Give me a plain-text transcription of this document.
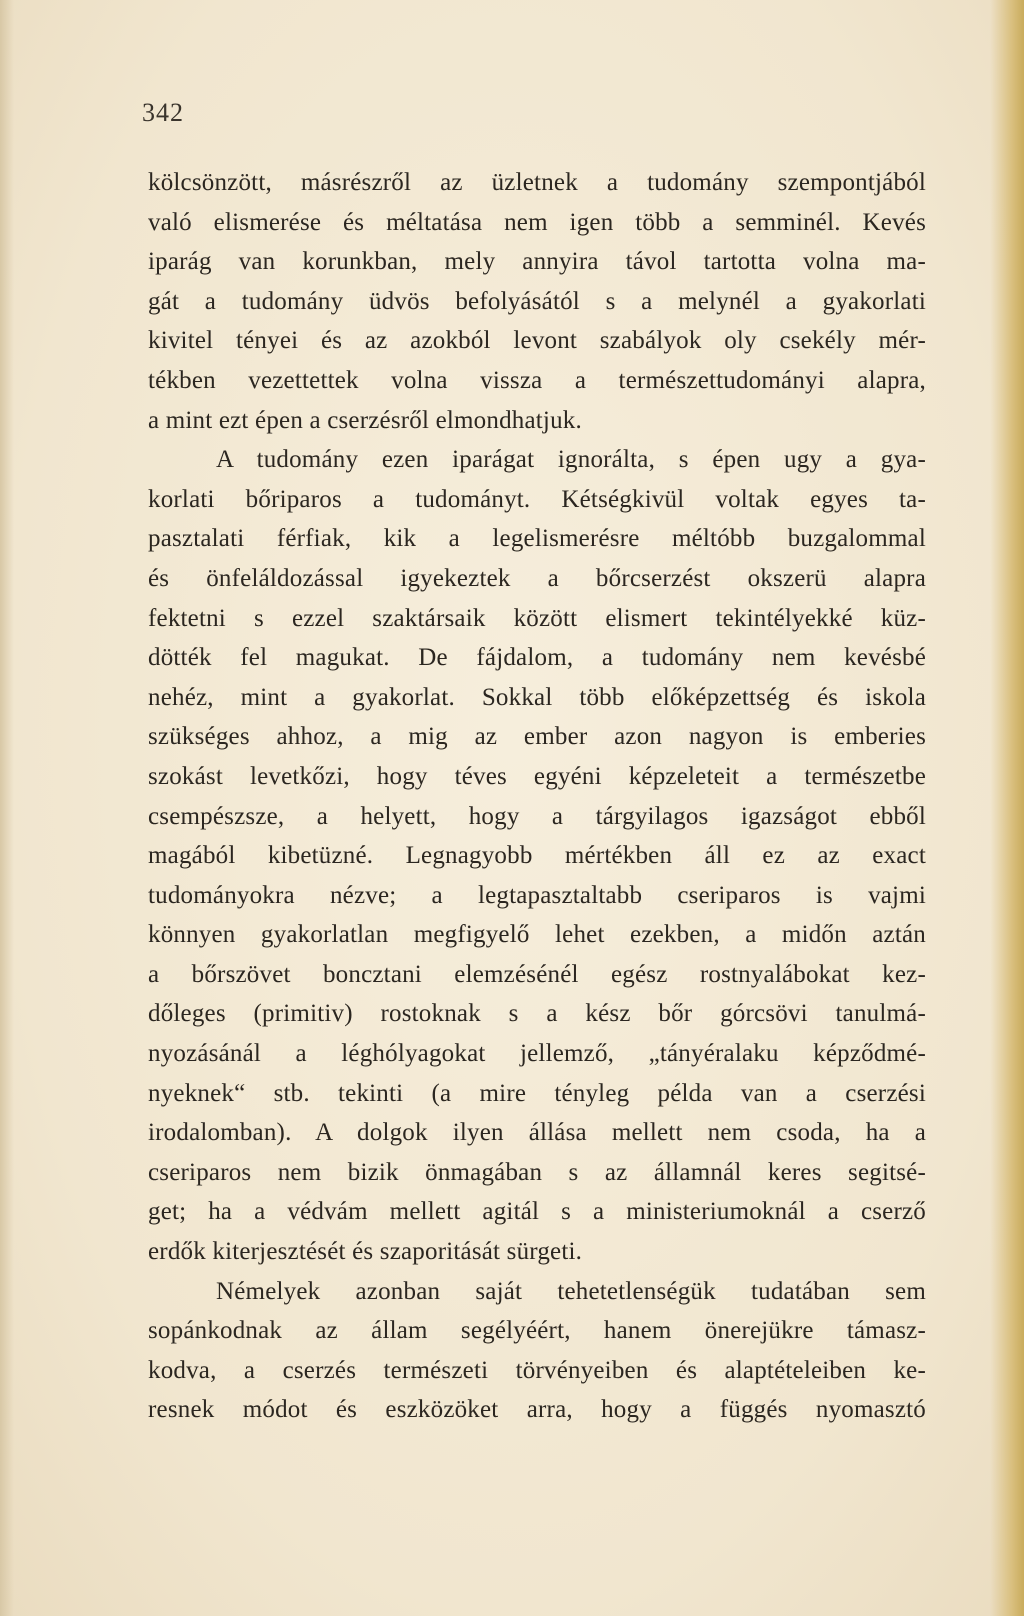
342
kölcsönzött, másrészről az üzletnek a tudomány szempontjából
való elismerése és méltatása nem igen több a semminél. Kevés
iparág van korunkban, mely annyira távol tartotta volna ma-
gát a tudomány üdvös befolyásától s a melynél a gyakorlati
kivitel tényei és az azokból levont szabályok oly csekély mér-
tékben vezettettek volna vissza a természettudományi alapra,
a mint ezt épen a cserzésről elmondhatjuk.
A tudomány ezen iparágat ignorálta, s épen ugy a gya-
korlati bőriparos a tudományt. Kétségkivül voltak egyes ta-
pasztalati férfiak, kik a legelismerésre méltóbb buzgalommal
és önfeláldozással igyekeztek a bőrcserzést okszerü alapra
fektetni s ezzel szaktársaik között elismert tekintélyekké küz-
dötték fel magukat. De fájdalom, a tudomány nem kevésbé
nehéz, mint a gyakorlat. Sokkal több előképzettség és iskola
szükséges ahhoz, a mig az ember azon nagyon is emberies
szokást levetkőzi, hogy téves egyéni képzeleteit a természetbe
csempészsze, a helyett, hogy a tárgyilagos igazságot ebből
magából kibetüzné. Legnagyobb mértékben áll ez az exact
tudományokra nézve; a legtapasztaltabb cseriparos is vajmi
könnyen gyakorlatlan megfigyelő lehet ezekben, a midőn aztán
a bőrszövet boncztani elemzésénél egész rostnyalábokat kez-
dőleges (primitiv) rostoknak s a kész bőr górcsövi tanulmá-
nyozásánál a léghólyagokat jellemző, „tányéralaku képződmé-
nyeknek“ stb. tekinti (a mire tényleg példa van a cserzési
irodalomban). A dolgok ilyen állása mellett nem csoda, ha a
cseriparos nem bizik önmagában s az államnál keres segitsé-
get; ha a védvám mellett agitál s a ministeriumoknál a cserző
erdők kiterjesztését és szaporitását sürgeti.
Némelyek azonban saját tehetetlenségük tudatában sem
sopánkodnak az állam segélyéért, hanem önerejükre támasz-
kodva, a cserzés természeti törvényeiben és alaptételeiben ke-
resnek módot és eszközöket arra, hogy a függés nyomasztó
